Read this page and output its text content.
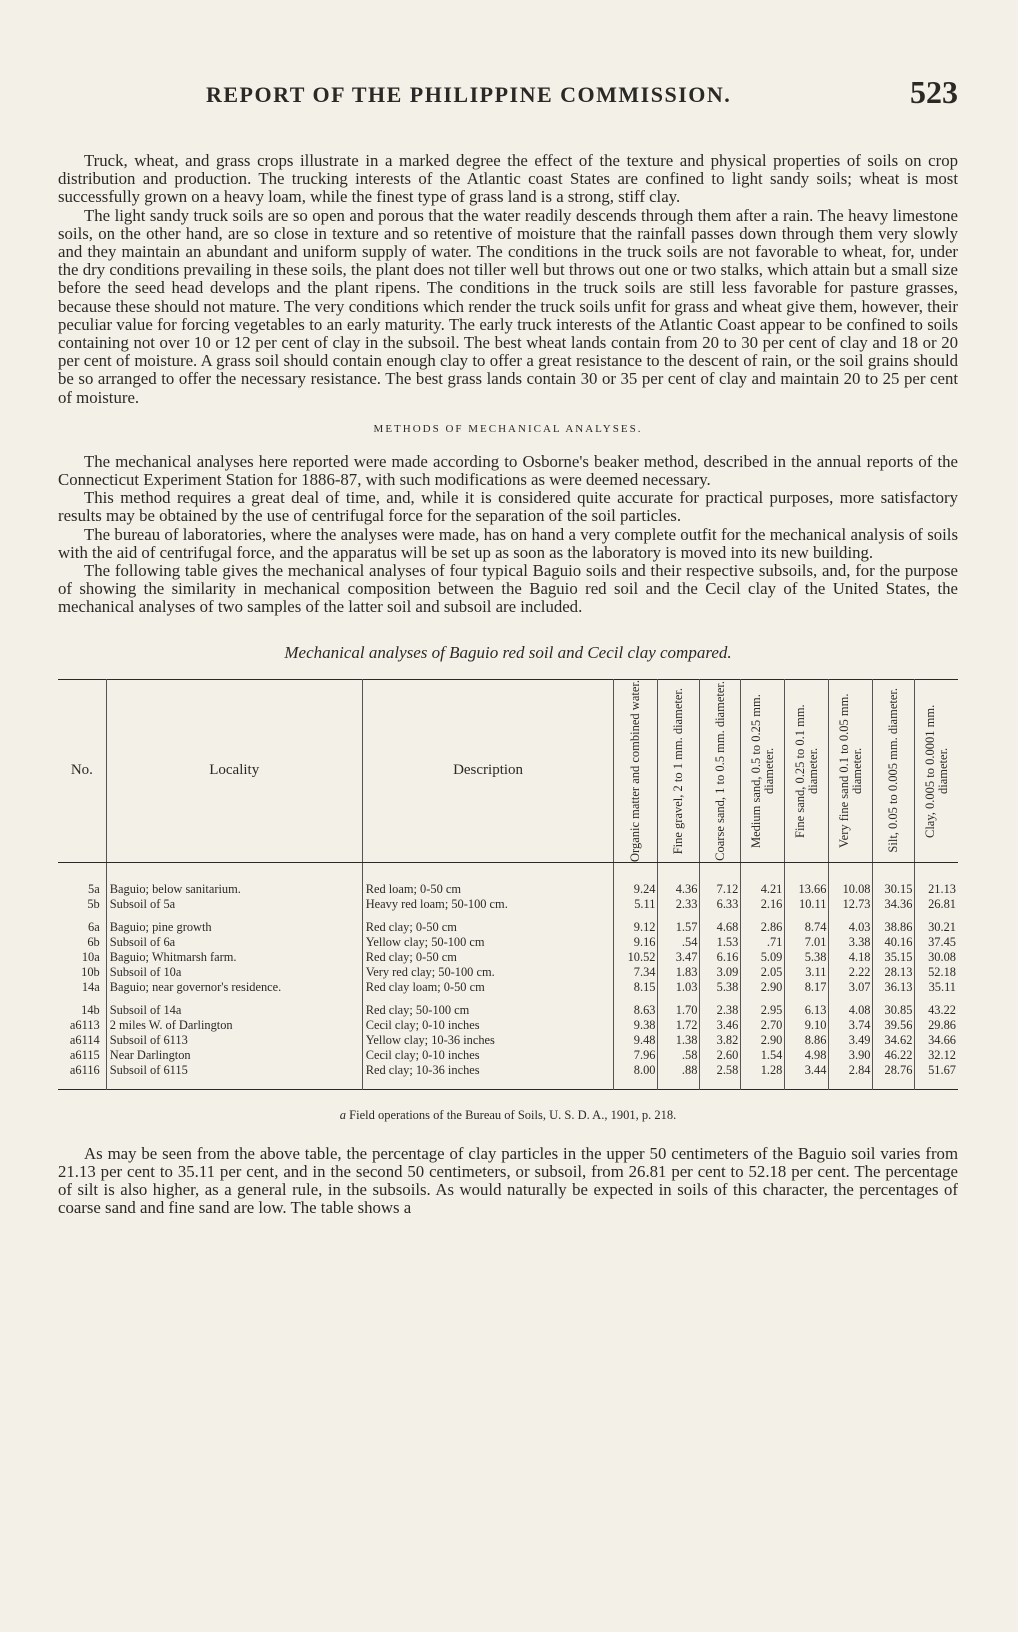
REPORT OF THE PHILIPPINE COMMISSION.	523

Truck, wheat, and grass crops illustrate in a marked degree the effect of the texture and physical properties of soils on crop distribution and production. The trucking interests of the Atlantic coast States are confined to light sandy soils; wheat is most successfully grown on a heavy loam, while the finest type of grass land is a strong, stiff clay.

The light sandy truck soils are so open and porous that the water readily descends through them after a rain. The heavy limestone soils, on the other hand, are so close in texture and so retentive of moisture that the rainfall passes down through them very slowly and they maintain an abundant and uniform supply of water. The conditions in the truck soils are not favorable to wheat, for, under the dry conditions prevailing in these soils, the plant does not tiller well but throws out one or two stalks, which attain but a small size before the seed head develops and the plant ripens. The conditions in the truck soils are still less favorable for pasture grasses, because these should not mature. The very conditions which render the truck soils unfit for grass and wheat give them, however, their peculiar value for forcing vegetables to an early maturity. The early truck interests of the Atlantic Coast appear to be confined to soils containing not over 10 or 12 per cent of clay in the subsoil. The best wheat lands contain from 20 to 30 per cent of clay and 18 or 20 per cent of moisture. A grass soil should contain enough clay to offer a great resistance to the descent of rain, or the soil grains should be so arranged to offer the necessary resistance. The best grass lands contain 30 or 35 per cent of clay and maintain 20 to 25 per cent of moisture.

METHODS OF MECHANICAL ANALYSES.

The mechanical analyses here reported were made according to Osborne's beaker method, described in the annual reports of the Connecticut Experiment Station for 1886-87, with such modifications as were deemed necessary.

This method requires a great deal of time, and, while it is considered quite accurate for practical purposes, more satisfactory results may be obtained by the use of centrifugal force for the separation of the soil particles.

The bureau of laboratories, where the analyses were made, has on hand a very complete outfit for the mechanical analysis of soils with the aid of centrifugal force, and the apparatus will be set up as soon as the laboratory is moved into its new building.

The following table gives the mechanical analyses of four typical Baguio soils and their respective subsoils, and, for the purpose of showing the similarity in mechanical composition between the Baguio red soil and the Cecil clay of the United States, the mechanical analyses of two samples of the latter soil and subsoil are included.

Mechanical analyses of Baguio red soil and Cecil clay compared.
No.	Locality	Description	Organic matter and combined water.	Fine gravel, 2 to 1 mm. diameter.	Coarse sand, 1 to 0.5 mm. diameter.	Medium sand, 0.5 to 0.25 mm. diameter.	Fine sand, 0.25 to 0.1 mm. diameter.	Very fine sand 0.1 to 0.05 mm. diameter.	Silt, 0.05 to 0.005 mm. diameter.	Clay, 0.005 to 0.0001 mm. diameter.

5a	Baguio; below sanitarium.	Red loam; 0-50 cm	9.24	4.36	7.12	4.21	13.66	10.08	30.15	21.13
5b	Subsoil of 5a	Heavy red loam; 50-100 cm.	5.11	2.33	6.33	2.16	10.11	12.73	34.36	26.81
6a	Baguio; pine growth	Red clay; 0-50 cm	9.12	1.57	4.68	2.86	8.74	4.03	38.86	30.21
6b	Subsoil of 6a	Yellow clay; 50-100 cm	9.16	.54	1.53	.71	7.01	3.38	40.16	37.45
10a	Baguio; Whitmarsh farm.	Red clay; 0-50 cm	10.52	3.47	6.16	5.09	5.38	4.18	35.15	30.08
10b	Subsoil of 10a	Very red clay; 50-100 cm.	7.34	1.83	3.09	2.05	3.11	2.22	28.13	52.18
14a	Baguio; near governor's residence.	Red clay loam; 0-50 cm	8.15	1.03	5.38	2.90	8.17	3.07	36.13	35.11
14b	Subsoil of 14a	Red clay; 50-100 cm	8.63	1.70	2.38	2.95	6.13	4.08	30.85	43.22
a6113	2 miles W. of Darlington	Cecil clay; 0-10 inches	9.38	1.72	3.46	2.70	9.10	3.74	39.56	29.86
a6114	Subsoil of 6113	Yellow clay; 10-36 inches	9.48	1.38	3.82	2.90	8.86	3.49	34.62	34.66
a6115	Near Darlington	Cecil clay; 0-10 inches	7.96	.58	2.60	1.54	4.98	3.90	46.22	32.12
a6116	Subsoil of 6115	Red clay; 10-36 inches	8.00	.88	2.58	1.28	3.44	2.84	28.76	51.67
a Field operations of the Bureau of Soils, U. S. D. A., 1901, p. 218.

As may be seen from the above table, the percentage of clay particles in the upper 50 centimeters of the Baguio soil varies from 21.13 per cent to 35.11 per cent, and in the second 50 centimeters, or subsoil, from 26.81 per cent to 52.18 per cent. The percentage of silt is also higher, as a general rule, in the subsoils. As would naturally be expected in soils of this character, the percentages of coarse sand and fine sand are low. The table shows a
